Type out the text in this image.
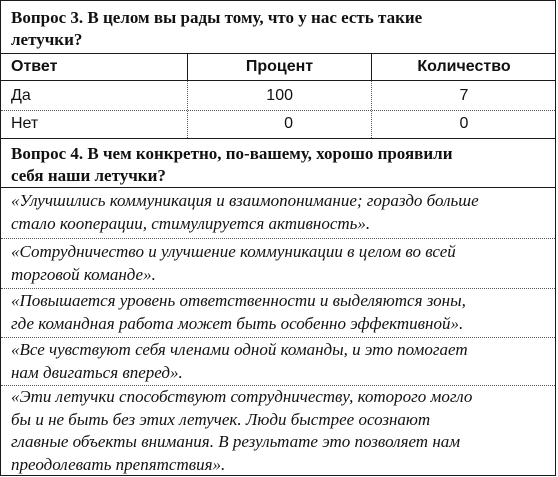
Вопрос 3. В целом вы рады тому, что у нас есть такие
летучки?
Ответ	Процент	Количество
Да	100	7
Нет	0	0
Вопрос 4. В чем конкретно, по-вашему, хорошо проявили
себя наши летучки?
«Улучшились коммуникация и взаимопонимание; гораздо больше
стало кооперации, стимулируется активность».
«Сотрудничество и улучшение коммуникации в целом во всей
торговой команде».
«Повышается уровень ответственности и выделяются зоны,
где командная работа может быть особенно эффективной».
«Все чувствуют себя членами одной команды, и это помогает
нам двигаться вперед».
«Эти летучки способствуют сотрудничеству, которого могло
бы и не быть без этих летучек. Люди быстрее осознают
главные объекты внимания. В результате это позволяет нам
преодолевать препятствия».
